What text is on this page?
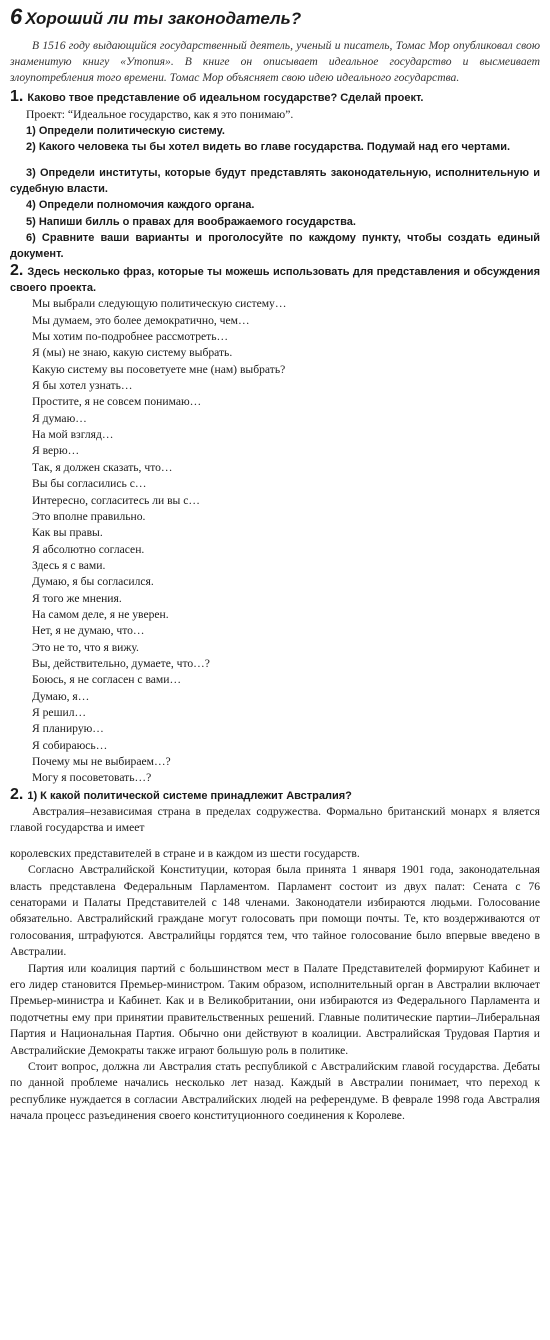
6 Хороший ли ты законодатель?

В 1516 году выдающийся государственный деятель, ученый и писатель, Томас Мор опубликовал свою знаменитую книгу «Утопия». В книге он описывает идеальное государство и высмеивает злоупотребления того времени. Томас Мор объясняет свою идею идеального государства.

1. Каково твое представление об идеальном государстве? Сделай проект.

Проект: “Идеальное государство, как я это понимаю”.

1) Определи политическую систему.

2) Какого человека ты бы хотел видеть во главе государства. Подумай над его чертами.

3) Определи институты, которые будут представлять законодательную, исполнительную и судебную власти.

4) Определи полномочия каждого органа.

5) Напиши билль о правах для воображаемого государства.

6) Сравните ваши варианты и проголосуйте по каждому пункту, чтобы создать единый документ.

2. Здесь несколько фраз, которые ты можешь использовать для представления и обсуждения своего проекта.

Мы выбрали следующую политическую систему…
Мы думаем, это более демократично, чем…
Мы хотим по-подробнее рассмотреть…
Я (мы) не знаю, какую систему выбрать.
Какую систему вы посоветуете мне (нам) выбрать?
Я бы хотел узнать…
Простите, я не совсем понимаю…
Я думаю…
На мой взгляд…
Я верю…
Так, я должен сказать, что…
Вы бы согласились с…
Интересно, согласитесь ли вы с…
Это вполне правильно.
Как вы правы.
Я абсолютно согласен.
Здесь я с вами.
Думаю, я бы согласился.
Я того же мнения.
На самом деле, я не уверен.
Нет, я не думаю, что…
Это не то, что я вижу.
Вы, действительно, думаете, что…?
Боюсь, я не согласен с вами…
Думаю, я…
Я решил…
Я планирую…
Я собираюсь…
Почему мы не выбираем…?
Могу я посоветовать…?

2. 1) К какой политической системе принадлежит Австралия?

Австралия–независимая страна в пределах содружества. Формально британский монарх я вляется главой государства и имеет

королевских представителей в стране и в каждом из шести государств.

Согласно Австралийской Конституции, которая была принята 1 января 1901 года, законодательная власть представлена Федеральным Парламентом. Парламент состоит из двух палат: Сената с 76 сенаторами и Палаты Представителей с 148 членами. Законодатели избираются людьми. Голосование обязательно. Австралийский граждане могут голосовать при помощи почты. Те, кто воздерживаются от голосования, штрафуются. Австралийцы гордятся тем, что тайное голосование было впервые введено в Австралии.

Партия или коалиция партий с большинством мест в Палате Представителей формируют Кабинет и его лидер становится Премьер-министром. Таким образом, исполнительный орган в Австралии включает Премьер-министра и Кабинет. Как и в Великобритании, они избираются из Федерального Парламента и подотчетны ему при принятии правительственных решений. Главные политические партии–Либеральная Партия и Национальная Партия. Обычно они действуют в коалиции. Австралийская Трудовая Партия и Австралийские Демократы также играют большую роль в политике.

Стоит вопрос, должна ли Австралия стать республикой с Австралийским главой государства. Дебаты по данной проблеме начались несколько лет назад. Каждый в Австралии понимает, что переход к республике нуждается в согласии Австралийских людей на референдуме. В феврале 1998 года Австралия начала процесс разъединения своего конституционного соединения к Королеве.
